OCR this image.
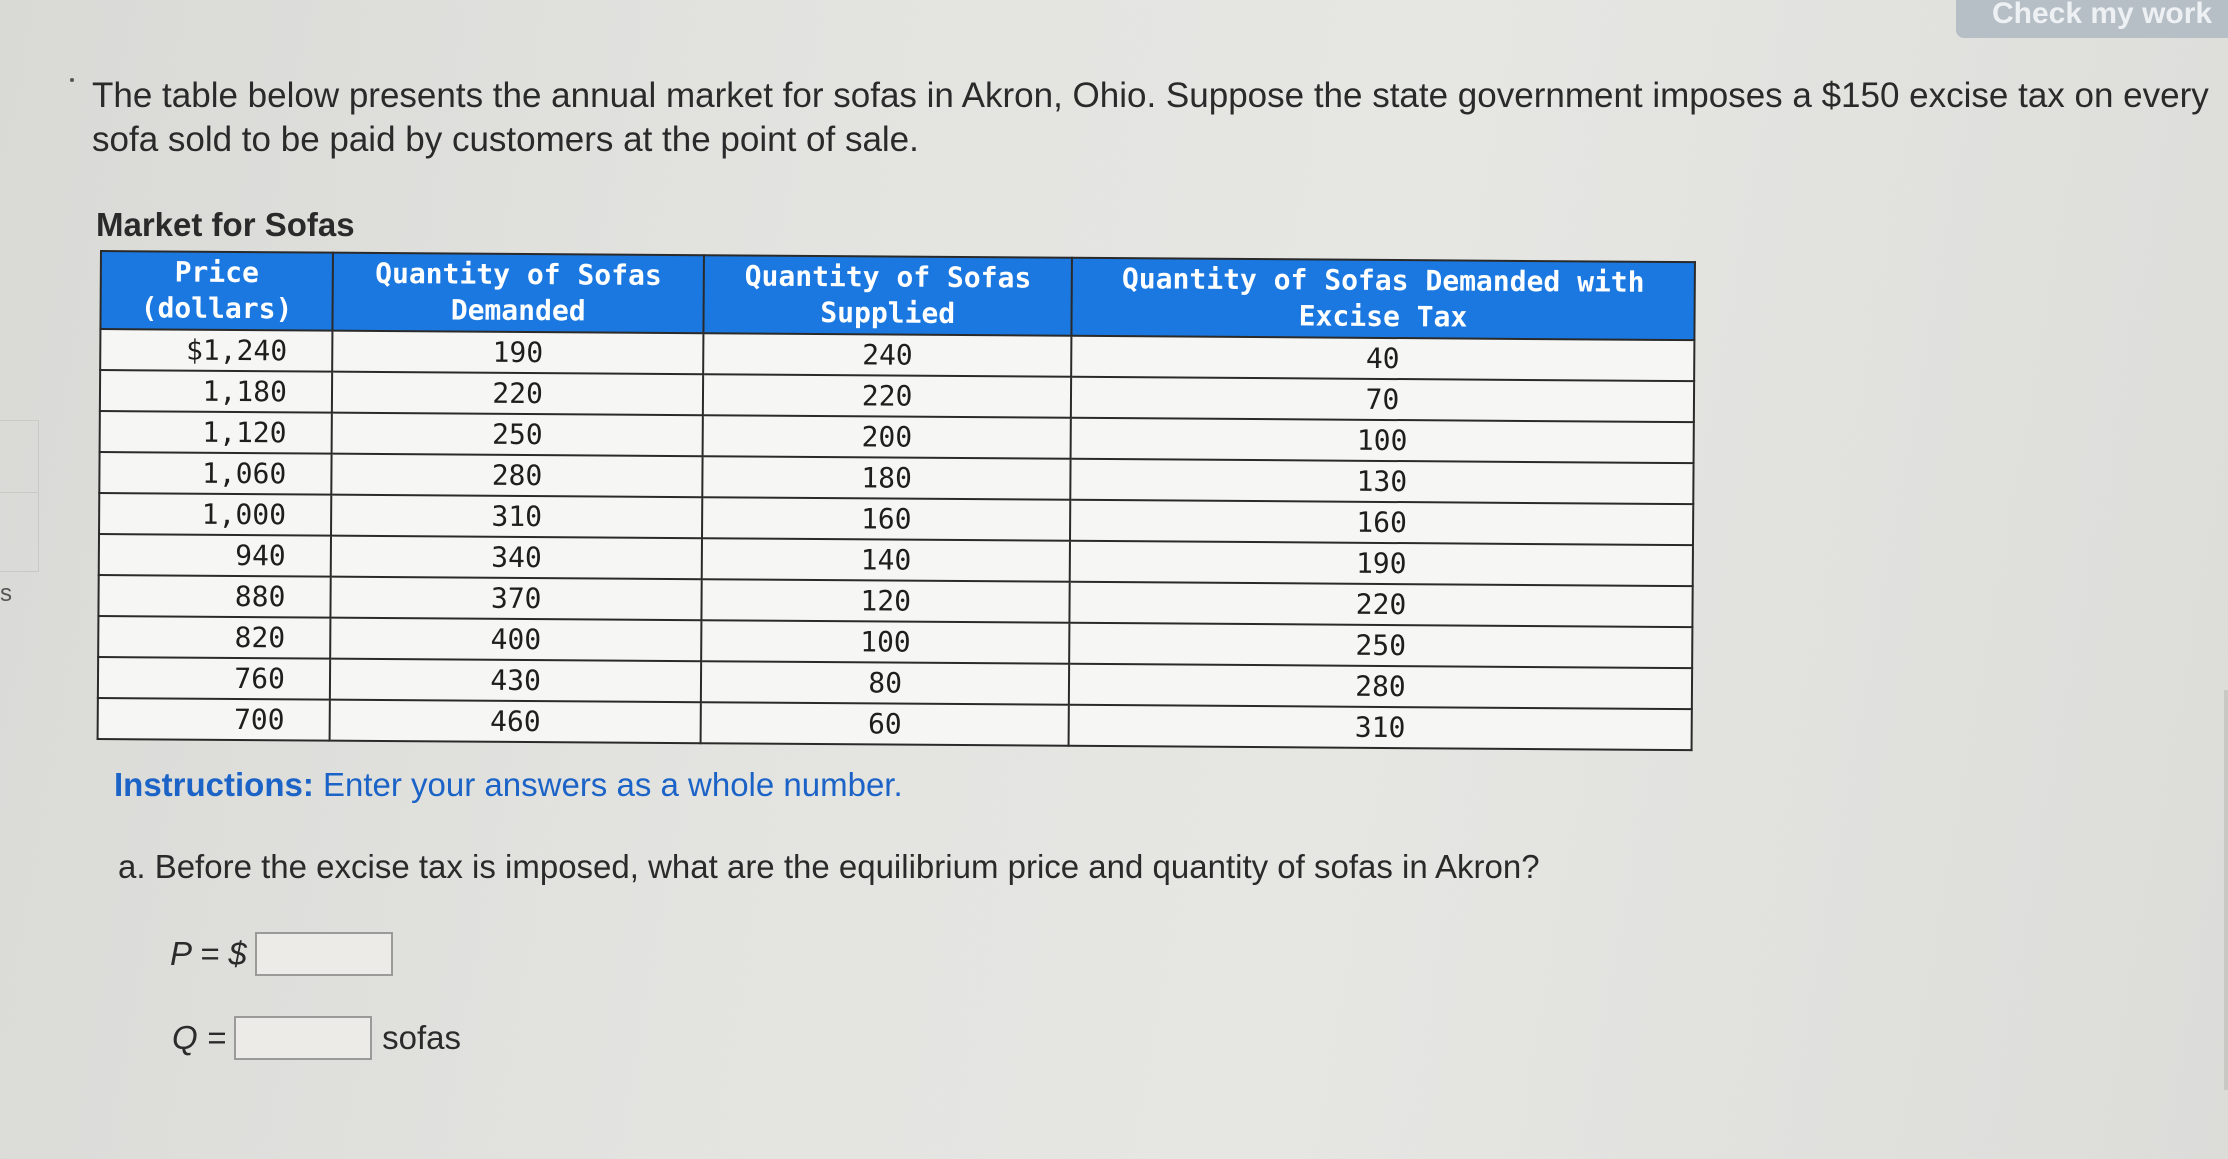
Check my work
s
The table below presents the annual market for sofas in Akron, Ohio. Suppose the state government imposes a $150 excise tax on every sofa sold to be paid by customers at the point of sale.
Market for Sofas
Price (dollars)	Quantity of Sofas Demanded	Quantity of Sofas Supplied	Quantity of Sofas Demanded with Excise Tax
$1,240	190	240	40
1,180	220	220	70
1,120	250	200	100
1,060	280	180	130
1,000	310	160	160
940	340	140	190
880	370	120	220
820	400	100	250
760	430	80	280
700	460	60	310
Instructions: Enter your answers as a whole number.
a. Before the excise tax is imposed, what are the equilibrium price and quantity of sofas in Akron?
P = $
Q =	sofas
